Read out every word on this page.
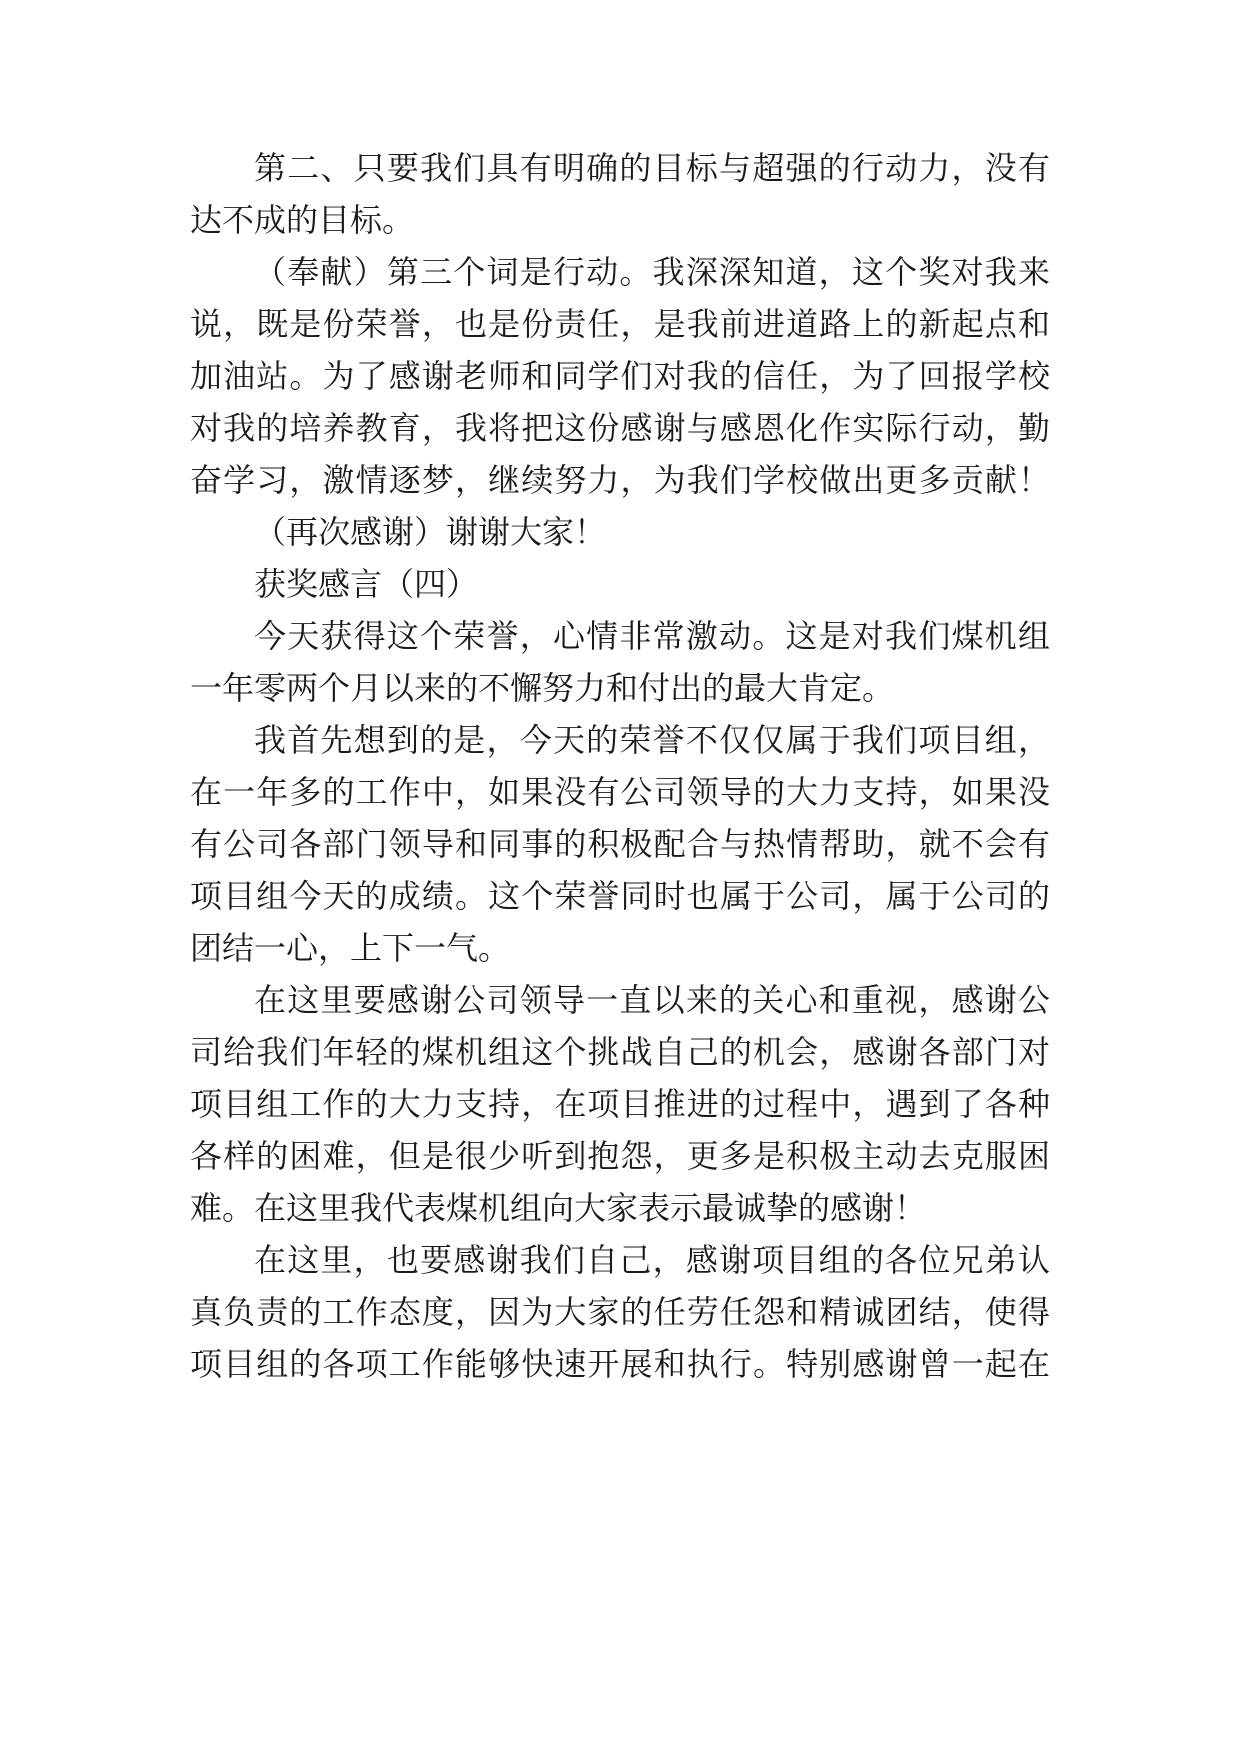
第二、只要我们具有明确的目标与超强的行动力，没有
达不成的目标。
（奉献）第三个词是行动。我深深知道，这个奖对我来
说，既是份荣誉，也是份责任，是我前进道路上的新起点和
加油站。为了感谢老师和同学们对我的信任，为了回报学校
对我的培养教育，我将把这份感谢与感恩化作实际行动，勤
奋学习，激情逐梦，继续努力，为我们学校做出更多贡献！
（再次感谢）谢谢大家！
获奖感言（四）
今天获得这个荣誉，心情非常激动。这是对我们煤机组
一年零两个月以来的不懈努力和付出的最大肯定。
我首先想到的是，今天的荣誉不仅仅属于我们项目组，
在一年多的工作中，如果没有公司领导的大力支持，如果没
有公司各部门领导和同事的积极配合与热情帮助，就不会有
项目组今天的成绩。这个荣誉同时也属于公司，属于公司的
团结一心，上下一气。
在这里要感谢公司领导一直以来的关心和重视，感谢公
司给我们年轻的煤机组这个挑战自己的机会，感谢各部门对
项目组工作的大力支持，在项目推进的过程中，遇到了各种
各样的困难，但是很少听到抱怨，更多是积极主动去克服困
难。在这里我代表煤机组向大家表示最诚挚的感谢！
在这里，也要感谢我们自己，感谢项目组的各位兄弟认
真负责的工作态度，因为大家的任劳任怨和精诚团结，使得
项目组的各项工作能够快速开展和执行。特别感谢曾一起在
